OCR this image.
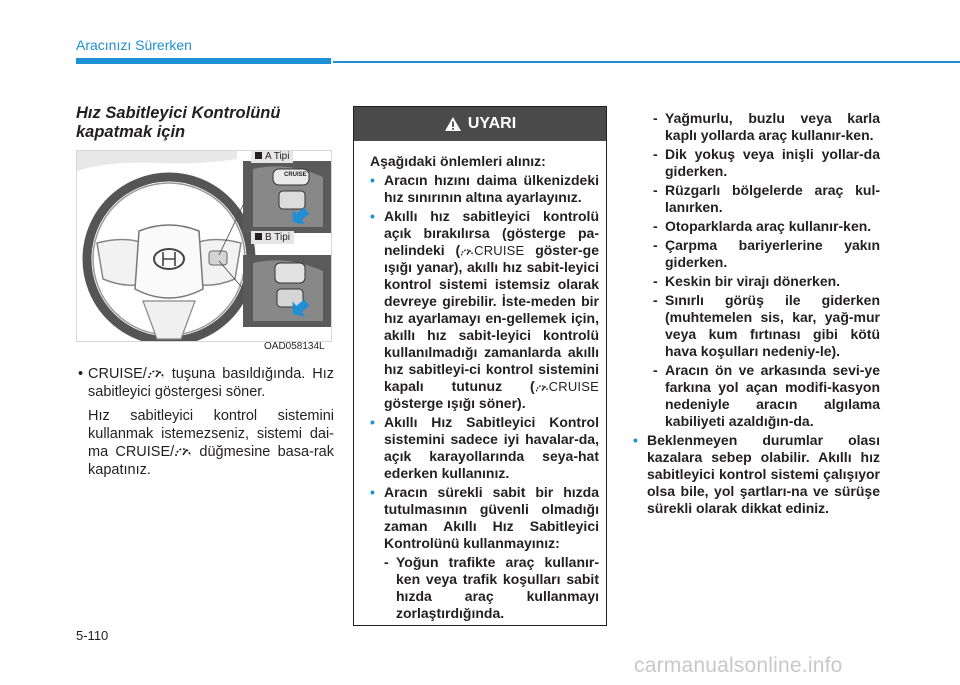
Aracınızı Sürerken
Hız Sabitleyici Kontrolünü kapatmak için
A Tipi
B Tipi
CRUISE
OAD058134L
• CRUISE/ tuşuna basıldığında. Hız sabitleyici göstergesi söner.
Hız sabitleyici kontrol sistemini kullanmak istemezseniz, sistemi dai-ma CRUISE/ düğmesine basa-rak kapatınız.
UYARI
Aşağıdaki önlemleri alınız:
• Aracın hızını daima ülkenizdeki hız sınırının altına ayarlayınız.
• Akıllı hız sabitleyici kontrolü açık bırakılırsa (gösterge pa-nelindeki ( CRUISE göster-ge ışığı yanar), akıllı hız sabit-leyici kontrol sistemi istemsiz olarak devreye girebilir. İste-meden bir hız ayarlamayı en-gellemek için, akıllı hız sabit-leyici kontrolü kullanılmadığı zamanlarda akıllı hız sabitleyi-ci kontrol sistemini kapalı tutunuz ( CRUISE gösterge ışığı söner).
• Akıllı Hız Sabitleyici Kontrol sistemini sadece iyi havalar-da, açık karayollarında seya-hat ederken kullanınız.
• Aracın sürekli sabit bir hızda tutulmasının güvenli olmadığı zaman Akıllı Hız Sabitleyici Kontrolünü kullanmayınız:
- Yoğun trafikte araç kullanır-ken veya trafik koşulları sabit hızda araç kullanmayı zorlaştırdığında.
- Yağmurlu, buzlu veya karla kaplı yollarda araç kullanır-ken.
- Dik yokuş veya inişli yollar-da giderken.
- Rüzgarlı bölgelerde araç kul-lanırken.
- Otoparklarda araç kullanır-ken.
- Çarpma bariyerlerine yakın giderken.
- Keskin bir virajı dönerken.
- Sınırlı görüş ile giderken (muhtemelen sis, kar, yağ-mur veya kum fırtınası gibi kötü hava koşulları nedeniy-le).
- Aracın ön ve arkasında sevi-ye farkına yol açan modifi-kasyon nedeniyle aracın algılama kabiliyeti azaldığın-da.
• Beklenmeyen durumlar olası kazalara sebep olabilir. Akıllı hız sabitleyici kontrol sistemi çalışıyor olsa bile, yol şartları-na ve sürüşe sürekli olarak dikkat ediniz.
5-110
carmanualsonline.info
